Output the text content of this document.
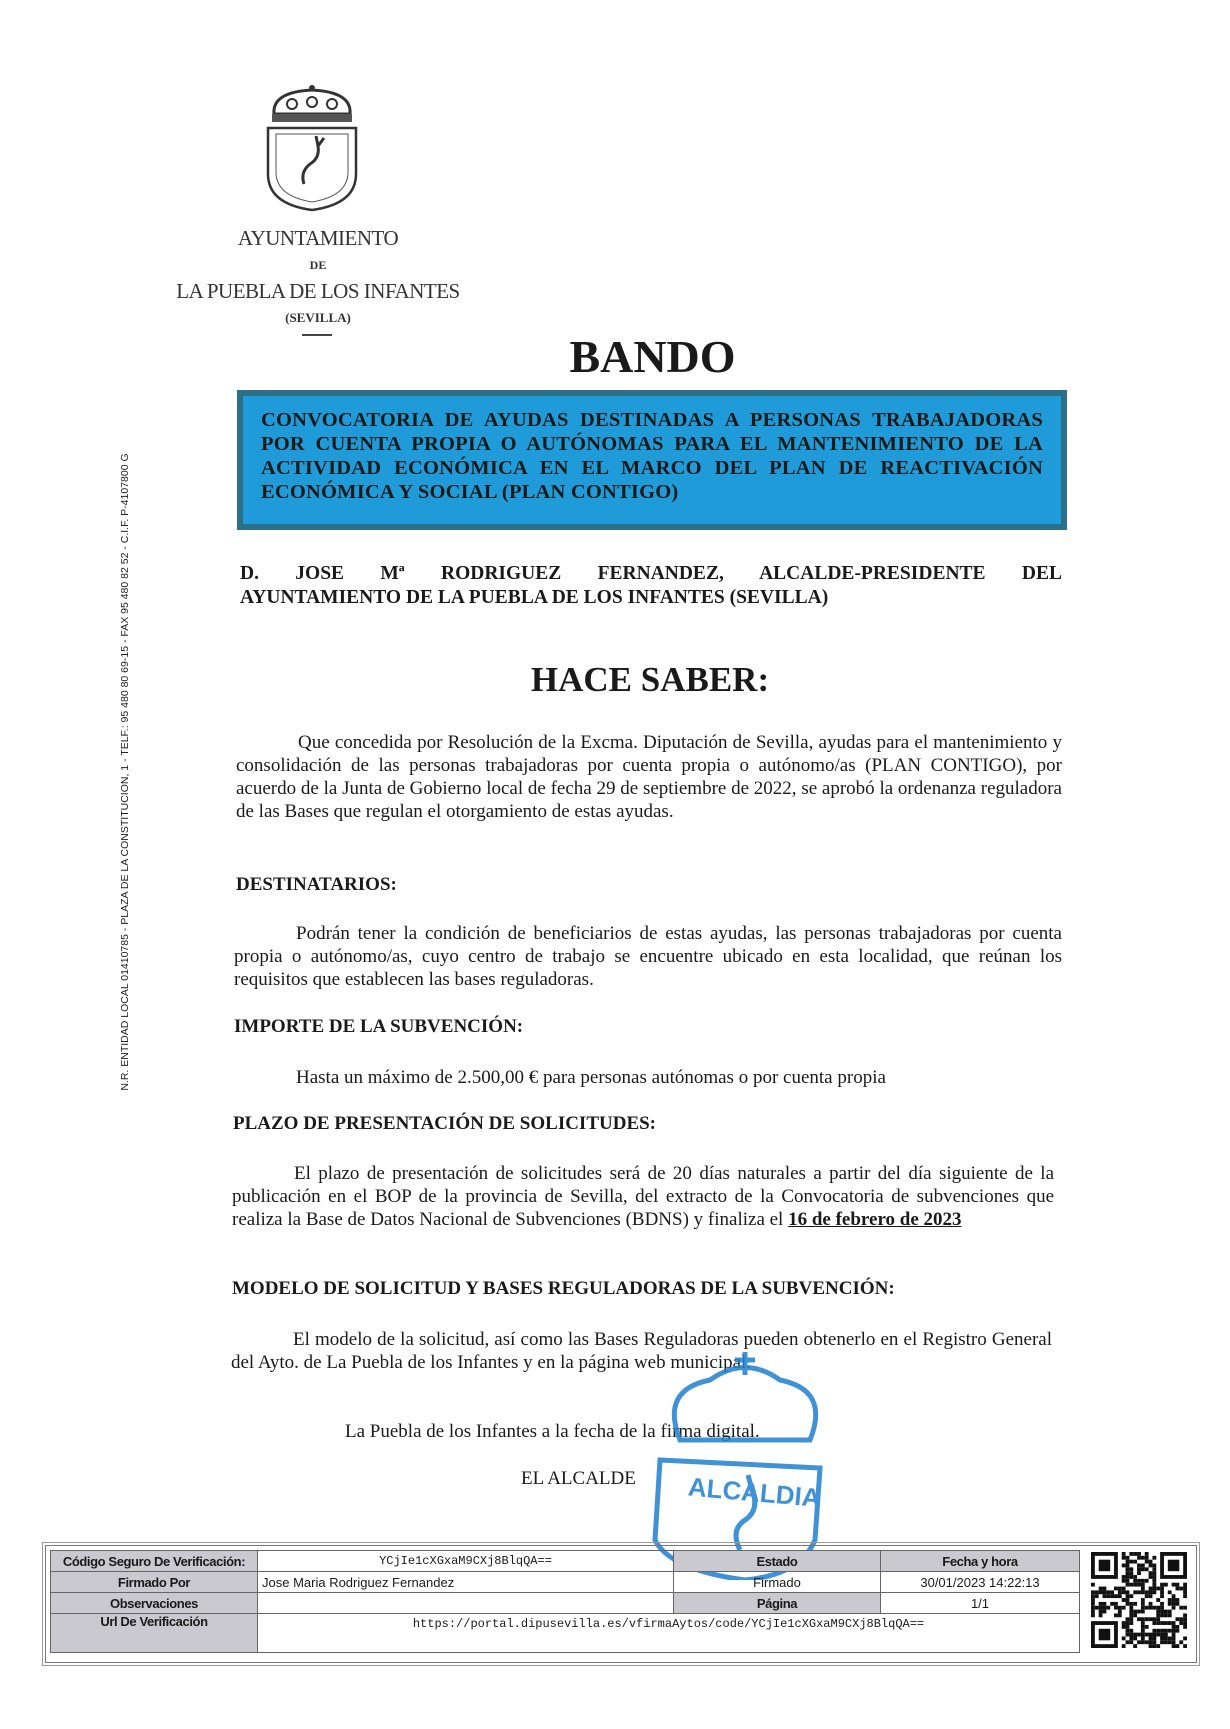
AYUNTAMIENTO
DE
LA PUEBLA DE LOS INFANTES
(SEVILLA)
N.R. ENTIDAD LOCAL 01410785 - PLAZA DE LA CONSTITUCION, 1 - TELF.: 95 480 80 69-15 - FAX 95 480 82 52 - C.I.F. P-4107800 G
BANDO

CONVOCATORIA DE AYUDAS DESTINADAS A PERSONAS TRABAJADORAS POR CUENTA PROPIA O AUTÓNOMAS PARA EL MANTENIMIENTO DE LA ACTIVIDAD ECONÓMICA EN EL MARCO DEL PLAN DE REACTIVACIÓN ECONÓMICA Y SOCIAL (PLAN CONTIGO)

D. JOSE Mª RODRIGUEZ FERNANDEZ, ALCALDE-PRESIDENTE DEL
AYUNTAMIENTO DE LA PUEBLA DE LOS INFANTES (SEVILLA)
HACE SABER:
Que concedida por Resolución de la Excma. Diputación de Sevilla, ayudas para el mantenimiento y consolidación de las personas trabajadoras por cuenta propia o autónomo/as (PLAN CONTIGO), por acuerdo de la Junta de Gobierno local de fecha 29 de septiembre de 2022, se aprobó la ordenanza reguladora de las Bases que regulan el otorgamiento de estas ayudas.
DESTINATARIOS:
Podrán tener la condición de beneficiarios de estas ayudas, las personas trabajadoras por cuenta propia o autónomo/as, cuyo centro de trabajo se encuentre ubicado en esta localidad, que reúnan los requisitos que establecen las bases reguladoras.
IMPORTE DE LA SUBVENCIÓN:
Hasta un máximo de 2.500,00 € para personas autónomas o por cuenta propia
PLAZO DE PRESENTACIÓN DE SOLICITUDES:
El plazo de presentación de solicitudes será de 20 días naturales a partir del día siguiente de la publicación en el BOP de la provincia de Sevilla, del extracto de la Convocatoria de subvenciones que realiza la Base de Datos Nacional de Subvenciones (BDNS) y finaliza el 16 de febrero de 2023
MODELO DE SOLICITUD Y BASES REGULADORAS DE LA SUBVENCIÓN:
El modelo de la solicitud, así como las Bases Reguladoras pueden obtenerlo en el Registro General del Ayto. de La Puebla de los Infantes y en la página web municipal.
La Puebla de los Infantes a la fecha de la firma digital.
EL ALCALDE ALCALDIA
Código Seguro De Verificación:	YCjIe1cXGxaM9CXj8BlqQA==	Estado	Fecha y hora
Firmado Por	Jose Maria Rodriguez Fernandez	Firmado	30/01/2023 14:22:13
Observaciones		Página	1/1
Url De Verificación	https://portal.dipusevilla.es/vfirmaAytos/code/YCjIe1cXGxaM9CXj8BlqQA==		
